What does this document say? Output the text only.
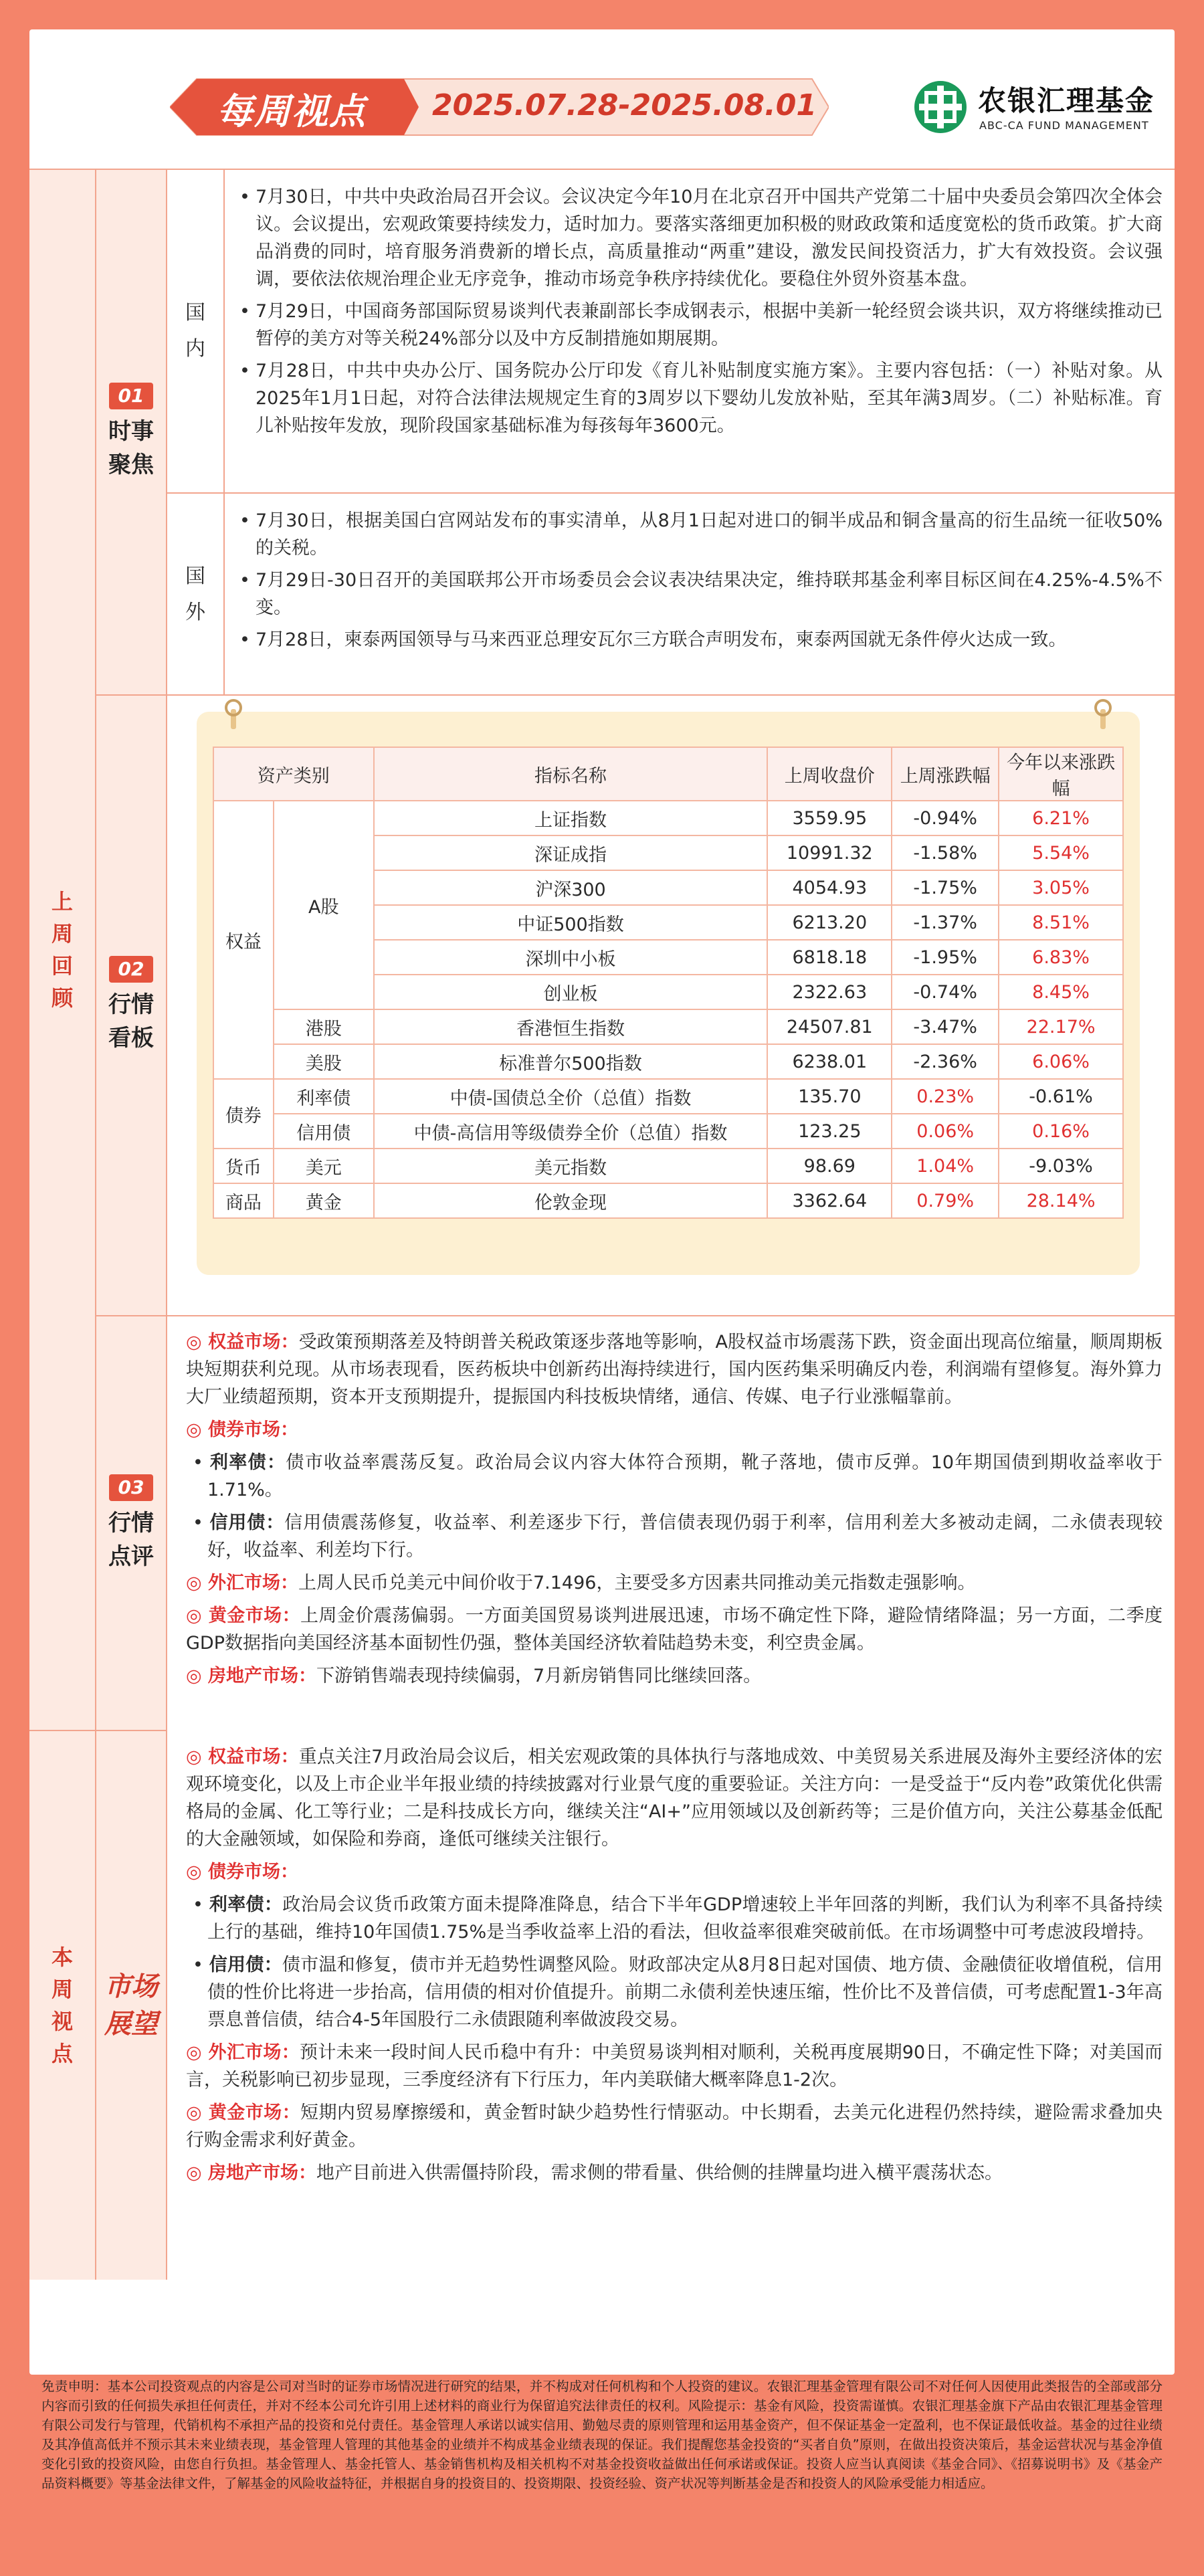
每周视点 2025.07.28-2025.08.01	农银汇理基金
ABC-CA FUND MANAGEMENT
上周回顾
01
时事聚焦
国内
• 7月30日，中共中央政治局召开会议。会议决定今年10月在北京召开中国共产党第二十届中央委员会第四次全体会议。会议提出，宏观政策要持续发力，适时加力。要落实落细更加积极的财政政策和适度宽松的货币政策。扩大商品消费的同时，培育服务消费新的增长点，高质量推动“两重”建设，激发民间投资活力，扩大有效投资。会议强调，要依法依规治理企业无序竞争，推动市场竞争秩序持续优化。要稳住外贸外资基本盘。
• 7月29日，中国商务部国际贸易谈判代表兼副部长李成钢表示，根据中美新一轮经贸会谈共识，双方将继续推动已暂停的美方对等关税24%部分以及中方反制措施如期展期。
• 7月28日，中共中央办公厅、国务院办公厅印发《育儿补贴制度实施方案》。主要内容包括：（一）补贴对象。从2025年1月1日起，对符合法律法规规定生育的3周岁以下婴幼儿发放补贴，至其年满3周岁。（二）补贴标准。育儿补贴按年发放，现阶段国家基础标准为每孩每年3600元。
国外
• 7月30日，根据美国白宫网站发布的事实清单，从8月1日起对进口的铜半成品和铜含量高的衍生品统一征收50%的关税。
• 7月29日-30日召开的美国联邦公开市场委员会会议表决结果决定，维持联邦基金利率目标区间在4.25%-4.5%不变。
• 7月28日，柬泰两国领导与马来西亚总理安瓦尔三方联合声明发布，柬泰两国就无条件停火达成一致。
02
行情看板
资产类别		指标名称	上周收盘价	上周涨跌幅	今年以来涨跌幅
权益	A股	上证指数	3559.95	-0.94%	6.21%
		深证成指	10991.32	-1.58%	5.54%
		沪深300	4054.93	-1.75%	3.05%
		中证500指数	6213.20	-1.37%	8.51%
		深圳中小板	6818.18	-1.95%	6.83%
		创业板	2322.63	-0.74%	8.45%
	港股	香港恒生指数	24507.81	-3.47%	22.17%
	美股	标准普尔500指数	6238.01	-2.36%	6.06%
债券	利率债	中债-国债总全价（总值）指数	135.70	0.23%	-0.61%
	信用债	中债-高信用等级债券全价（总值）指数	123.25	0.06%	0.16%
货币	美元	美元指数	98.69	1.04%	-9.03%
商品	黄金	伦敦金现	3362.64	0.79%	28.14%
03
行情点评
◎ 权益市场：受政策预期落差及特朗普关税政策逐步落地等影响，A股权益市场震荡下跌，资金面出现高位缩量，顺周期板块短期获利兑现。从市场表现看，医药板块中创新药出海持续进行，国内医药集采明确反内卷，利润端有望修复。海外算力大厂业绩超预期，资本开支预期提升，提振国内科技板块情绪，通信、传媒、电子行业涨幅靠前。
◎ 债券市场：
• 利率债：债市收益率震荡反复。政治局会议内容大体符合预期，靴子落地，债市反弹。10年期国债到期收益率收于1.71%。
• 信用债：信用债震荡修复，收益率、利差逐步下行，普信债表现仍弱于利率，信用利差大多被动走阔，二永债表现较好，收益率、利差均下行。
◎ 外汇市场：上周人民币兑美元中间价收于7.1496，主要受多方因素共同推动美元指数走强影响。
◎ 黄金市场：上周金价震荡偏弱。一方面美国贸易谈判进展迅速，市场不确定性下降，避险情绪降温；另一方面，二季度GDP数据指向美国经济基本面韧性仍强，整体美国经济软着陆趋势未变，利空贵金属。
◎ 房地产市场：下游销售端表现持续偏弱，7月新房销售同比继续回落。
本周视点
市场展望
◎ 权益市场：重点关注7月政治局会议后，相关宏观政策的具体执行与落地成效、中美贸易关系进展及海外主要经济体的宏观环境变化，以及上市企业半年报业绩的持续披露对行业景气度的重要验证。关注方向：一是受益于“反内卷”政策优化供需格局的金属、化工等行业；二是科技成长方向，继续关注“AI+”应用领域以及创新药等；三是价值方向，关注公募基金低配的大金融领域，如保险和券商，逢低可继续关注银行。
◎ 债券市场：
• 利率债：政治局会议货币政策方面未提降准降息，结合下半年GDP增速较上半年回落的判断，我们认为利率不具备持续上行的基础，维持10年国债1.75%是当季收益率上沿的看法，但收益率很难突破前低。在市场调整中可考虑波段增持。
• 信用债：债市温和修复，债市并无趋势性调整风险。财政部决定从8月8日起对国债、地方债、金融债征收增值税，信用债的性价比将进一步抬高，信用债的相对价值提升。前期二永债利差快速压缩，性价比不及普信债，可考虑配置1-3年高票息普信债，结合4-5年国股行二永债跟随利率做波段交易。
◎ 外汇市场：预计未来一段时间人民币稳中有升：中美贸易谈判相对顺利，关税再度展期90日，不确定性下降；对美国而言，关税影响已初步显现，三季度经济有下行压力，年内美联储大概率降息1-2次。
◎ 黄金市场：短期内贸易摩擦缓和，黄金暂时缺少趋势性行情驱动。中长期看，去美元化进程仍然持续，避险需求叠加央行购金需求利好黄金。
◎ 房地产市场：地产目前进入供需僵持阶段，需求侧的带看量、供给侧的挂牌量均进入横平震荡状态。
免责申明：基本公司投资观点的内容是公司对当时的证券市场情况进行研究的结果，并不构成对任何机构和个人投资的建议。农银汇理基金管理有限公司不对任何人因使用此类报告的全部或部分内容而引致的任何损失承担任何责任，并对不经本公司允许引用上述材料的商业行为保留追究法律责任的权利。风险提示：基金有风险，投资需谨慎。农银汇理基金旗下产品由农银汇理基金管理有限公司发行与管理，代销机构不承担产品的投资和兑付责任。基金管理人承诺以诚实信用、勤勉尽责的原则管理和运用基金资产，但不保证基金一定盈利，也不保证最低收益。基金的过往业绩及其净值高低并不预示其未来业绩表现，基金管理人管理的其他基金的业绩并不构成基金业绩表现的保证。我们提醒您基金投资的“买者自负”原则，在做出投资决策后，基金运营状况与基金净值变化引致的投资风险，由您自行负担。基金管理人、基金托管人、基金销售机构及相关机构不对基金投资收益做出任何承诺或保证。投资人应当认真阅读《基金合同》、《招募说明书》及《基金产品资料概要》等基金法律文件，了解基金的风险收益特征，并根据自身的投资目的、投资期限、投资经验、资产状况等判断基金是否和投资人的风险承受能力相适应。
